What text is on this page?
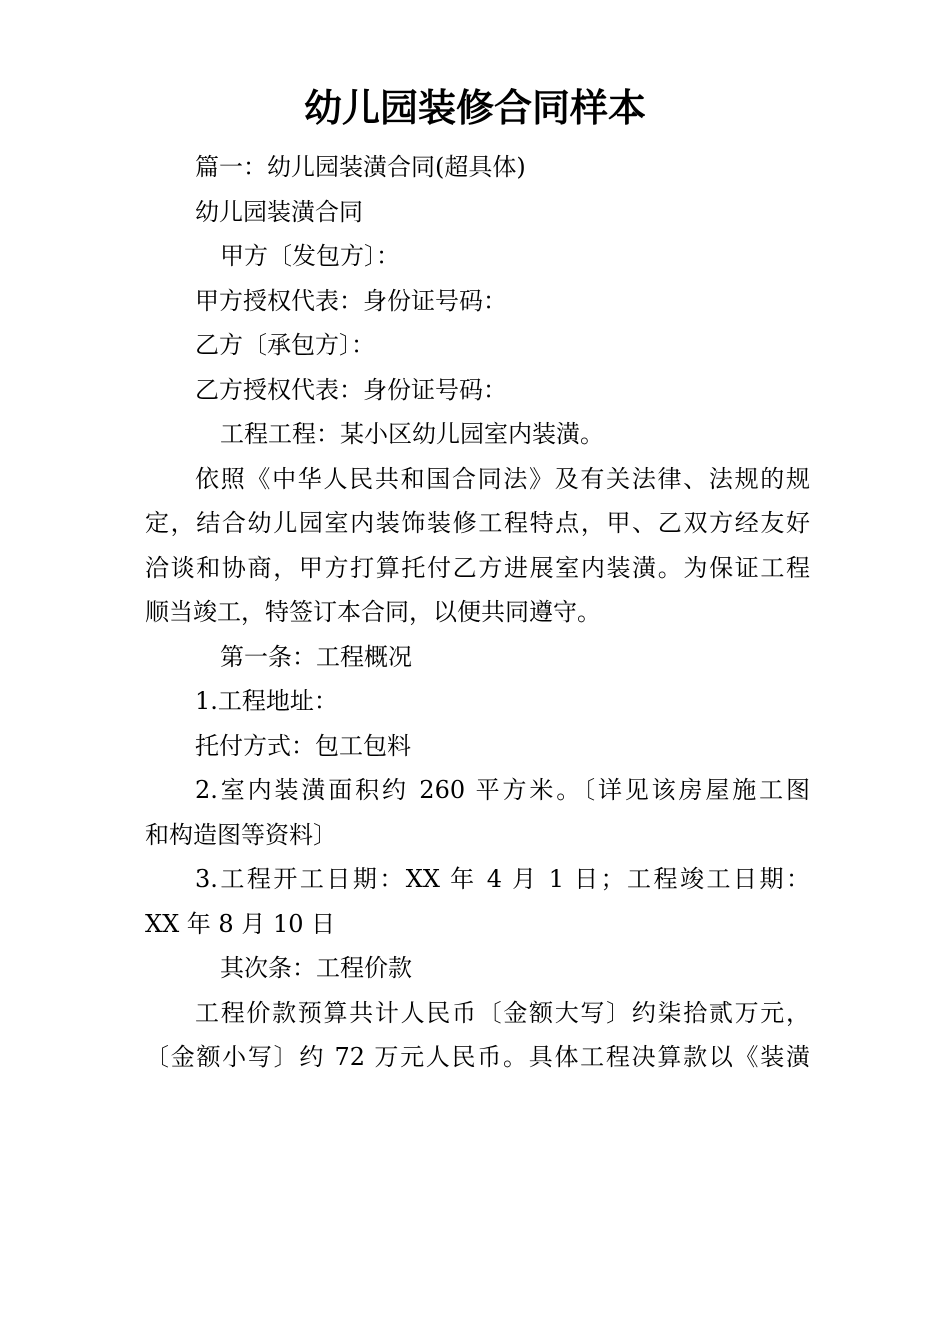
幼儿园装修合同样本
篇一：幼儿园装潢合同(超具体)
幼儿园装潢合同
甲方〔发包方〕：
甲方授权代表：身份证号码：
乙方〔承包方〕：
乙方授权代表：身份证号码：
工程工程：某小区幼儿园室内装潢。
依照《中华人民共和国合同法》及有关法律、法规的规
定，结合幼儿园室内装饰装修工程特点，甲、乙双方经友好
洽谈和协商，甲方打算托付乙方进展室内装潢。为保证工程
顺当竣工，特签订本合同，以便共同遵守。
第一条：工程概况
1.工程地址：
托付方式：包工包料
2.室内装潢面积约 260 平方米。〔详见该房屋施工图
和构造图等资料〕
3.工程开工日期：XX 年 4 月 1 日；工程竣工日期：
XX 年 8 月 10 日
其次条：工程价款
工程价款预算共计人民币〔金额大写〕约柒拾贰万元，
〔金额小写〕约 72 万元人民币。具体工程决算款以《装潢
